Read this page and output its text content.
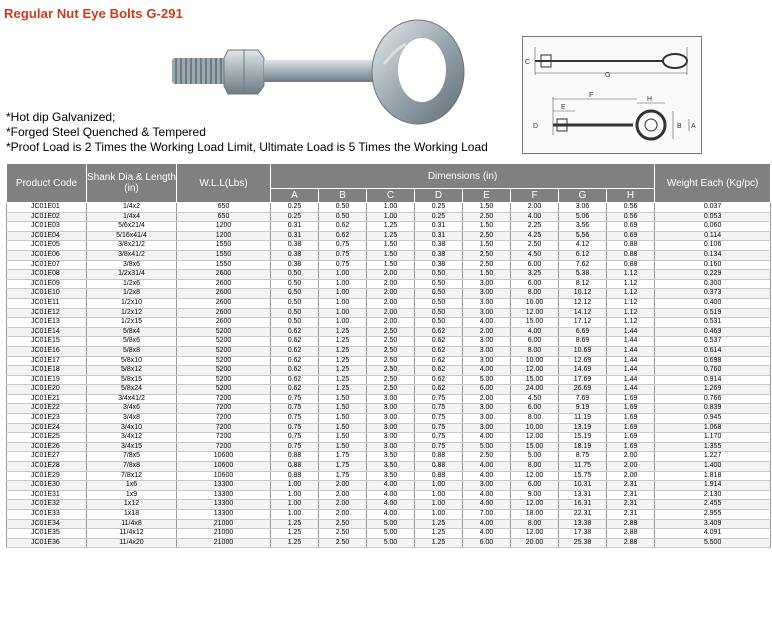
Regular Nut Eye Bolts G-291
G
C
F
H
E
B A
D
*Hot dip Galvanized;
*Forged Steel Quenched & Tempered
*Proof Load is 2 Times the Working Load Limit, Ultimate Load is 5 Times the Working Load
Product Code	Shank Dia.& Length (in)	W.L.L(Lbs)	Dimensions (in)								Weight Each (Kg/pc)
			A	B	C	D	E	F	G	H	
JC01E01	1/4x2	650	0.25	0.50	1.00	0.25	1.50	2.00	3.06	0.56	0.037
JC01E02	1/4x4	650	0.25	0.50	1.00	0.25	2.50	4.00	5.06	0.56	0.053
JC01E03	5/6x21/4	1200	0.31	0.62	1.25	0.31	1.50	2.25	3.56	0.69	0.060
JC01E04	5/16x41/4	1200	0.31	0.62	1.25	0.31	2.50	4.25	5.56	0.69	0.114
JC01E05	3/8x21/2	1550	0.38	0.75	1.50	0.38	1.50	2.50	4.12	0.88	0.106
JC01E06	3/8x41/2	1550	0.38	0.75	1.50	0.38	2.50	4.50	6.12	0.88	0.134
JC01E07	3/8x6	1550	0.38	0.75	1.50	0.38	2.50	6.00	7.62	0.88	0.160
JC01E08	1/2x31/4	2600	0.50	1.00	2.00	0.50	1.50	3.25	5.38	1.12	0.229
JC01E09	1/2x6	2600	0.50	1.00	2.00	0.50	3.00	6.00	8.12	1.12	0.300
JC01E10	1/2x8	2600	0.50	1.00	2.00	0.50	3.00	8.00	10.12	1.12	0.373
JC01E11	1/2x10	2600	0.50	1.00	2.00	0.50	3.00	10.00	12.12	1.12	0.400
JC01E12	1/2x12	2600	0.50	1.00	2.00	0.50	3.00	12.00	14.12	1.12	0.519
JC01E13	1/2x15	2600	0.50	1.00	2.00	0.50	4.00	15.00	17.12	1.12	0.531
JC01E14	5/8x4	5200	0.62	1.25	2.50	0.62	2.00	4.00	6.69	1.44	0.469
JC01E15	5/8x6	5200	0.62	1.25	2.50	0.62	3.00	6.00	8.69	1.44	0.537
JC01E16	5/8x8	5200	0.62	1.25	2.50	0.62	3.00	8.00	10.69	1.44	0.614
JC01E17	5/8x10	5200	0.62	1.25	2.50	0.62	3.00	10.00	12.69	1.44	0.698
JC01E18	5/8x12	5200	0.62	1.25	2.50	0.62	4.00	12.00	14.69	1.44	0.760
JC01E19	5/8x15	5200	0.62	1.25	2.50	0.62	5.00	15.00	17.69	1.44	0.914
JC01E20	5/8x24	5200	0.62	1.25	2.50	0.62	6.00	24.00	26.69	1.44	1.269
JC01E21	3/4x41/2	7200	0.75	1.50	3.00	0.75	2.00	4.50	7.69	1.69	0.766
JC01E22	3/4x6	7200	0.75	1.50	3.00	0.75	3.00	6.00	9.19	1.69	0.839
JC01E23	3/4x8	7200	0.75	1.50	3.00	0.75	3.00	8.00	11.19	1.69	0.945
JC01E24	3/4x10	7200	0.75	1.50	3.00	0.75	3.00	10.00	13.19	1.69	1.068
JC01E25	3/4x12	7200	0.75	1.50	3.00	0.75	4.00	12.00	15.19	1.69	1.170
JC01E26	3/4x15	7200	0.75	1.50	3.00	0.75	5.00	15.00	18.19	1.69	1.355
JC01E27	7/8x5	10600	0.88	1.75	3.50	0.88	2.50	5.00	8.75	2.00	1.227
JC01E28	7/8x8	10600	0.88	1.75	3.50	0.88	4.00	8.00	11.75	2.00	1.400
JC01E29	7/8x12	10600	0.88	1.75	3.50	0.88	4.00	12.00	15.75	2.00	1.818
JC01E30	1x6	13300	1.00	2.00	4.00	1.00	3.00	6.00	10.31	2.31	1.914
JC01E31	1x9	13300	1.00	2.00	4.00	1.00	4.00	9.00	13.31	2.31	2.130
JC01E32	1x12	13300	1.00	2.00	4.00	1.00	4.00	12.00	16.31	2.31	2.455
JC01E33	1x18	13300	1.00	2.00	4.00	1.00	7.00	18.00	22.31	2.31	2.955
JC01E34	11/4x8	21000	1.25	2.50	5.00	1.25	4.00	8.00	13.38	2.88	3.409
JC01E35	11/4x12	21000	1.25	2.50	5.00	1.25	4.00	12.00	17.38	2.88	4.091
JC01E36	11/4x20	21000	1.25	2.50	5.00	1.25	6.00	20.00	25.38	2.88	5.500
